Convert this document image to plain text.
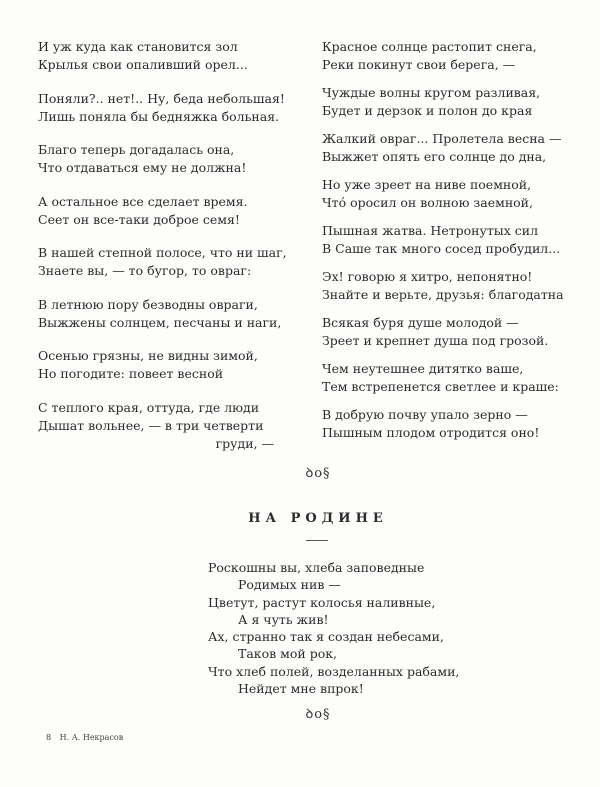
И уж куда как становится зол
Крылья свои опаливший орел...
Поняли?.. нет!.. Ну, беда небольшая!
Лишь поняла бы бедняжка больная.
Благо теперь догадалась она,
Что отдаваться ему не должна!
А остальное все сделает время.
Сеет он все-таки доброе семя!
В нашей степной полосе, что ни шаг,
Знаете вы, — то бугор, то овраг:
В летнюю пору безводны овраги,
Выжжены солнцем, песчаны и наги,
Осенью грязны, не видны зимой,
Но погодите: повеет весной
С теплого края, оттуда, где люди
Дышат вольнее, — в три четверти
груди, —
Красное солнце растопит снега,
Реки покинут свои берега, —
Чуждые волны кругом разливая,
Будет и дерзок и полон до края
Жалкий овраг... Пролетела весна —
Выжжет опять его солнце до дна,
Но уже зреет на ниве поемной,
Чтó оросил он волною заемной,
Пышная жатва. Нетронутых сил
В Саше так много сосед пробудил...
Эх! говорю я хитро, непонятно!
Знайте и верьте, друзья: благодатна
Всякая буря душе молодой —
Зреет и крепнет душа под грозой.
Чем неутешнее дитятко ваше,
Тем встрепенется светлее и краше:
В добрую почву упало зерно —
Пышным плодом отродится оно!
ꝺo§
НА РОДИНЕ
Роскошны вы, хлеба заповедные
Родимых нив —
Цветут, растут колосья наливные,
А я чуть жив!
Ах, странно так я создан небесами,
Таков мой рок,
Что хлеб полей, возделанных рабами,
Нейдет мне впрок!
ꝺo§
8 Н. А. Некрасов
